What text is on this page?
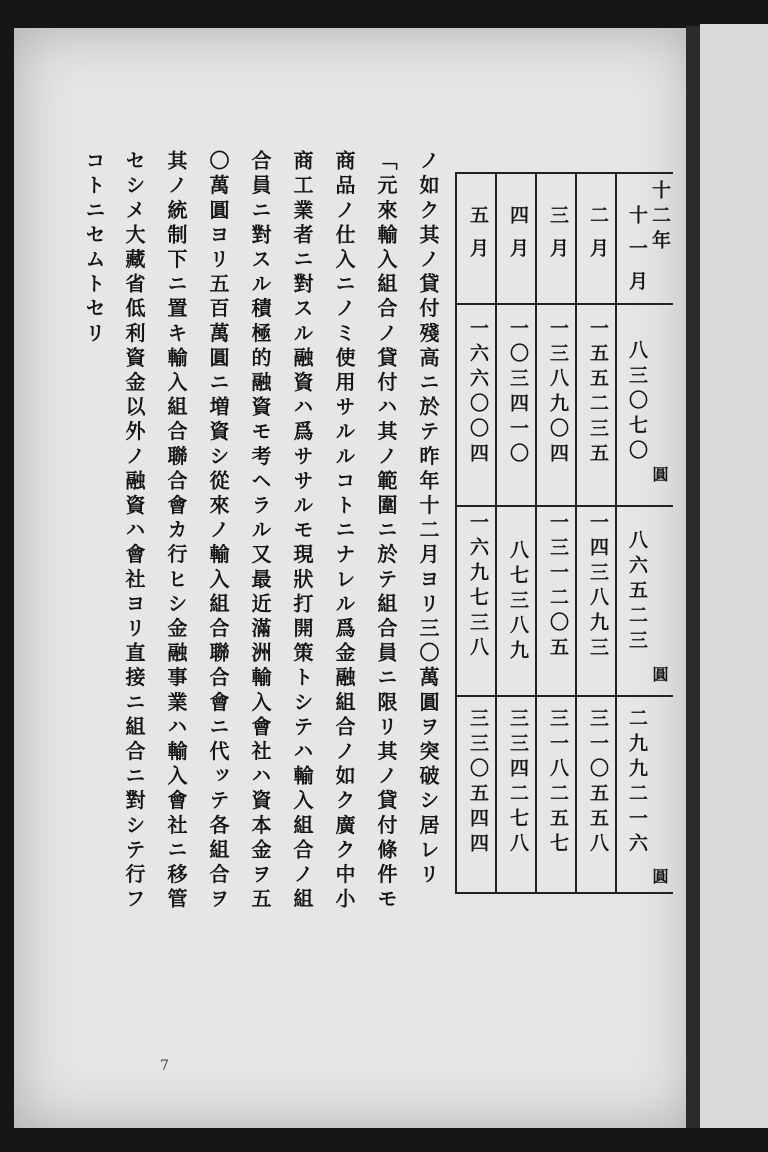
十二年
十一月
二月
三月
四月
五月
八三〇七〇
一五五二三五
一三八九〇四
一〇三四一〇
一六六〇〇四
圓
八六五二三
一四三八九三
一三一二〇五
八七三八九
一六九七三八
圓
二九九二一六
三一〇五五八
三一八二五七
三三四二七八
三三〇五四四
圓
ノ如ク其ノ貸付殘高ニ於テ昨年十二月ヨリ三〇萬圓ヲ突破シ居レリ
「元來輸入組合ノ貸付ハ其ノ範圍ニ於テ組合員ニ限リ其ノ貸付條件モ
商品ノ仕入ニノミ使用サルルコトニナレル爲金融組合ノ如ク廣ク中小
商工業者ニ對スル融資ハ爲ササルモ現狀打開策トシテハ輸入組合ノ組
合員ニ對スル積極的融資モ考ヘラル又最近滿洲輸入會社ハ資本金ヲ五
〇萬圓ヨリ五百萬圓ニ増資シ從來ノ輸入組合聯合會ニ代ッテ各組合ヲ
其ノ統制下ニ置キ輸入組合聯合會カ行ヒシ金融事業ハ輸入會社ニ移管
セシメ大藏省低利資金以外ノ融資ハ會社ヨリ直接ニ組合ニ對シテ行フ
コトニセムトセリ
7
